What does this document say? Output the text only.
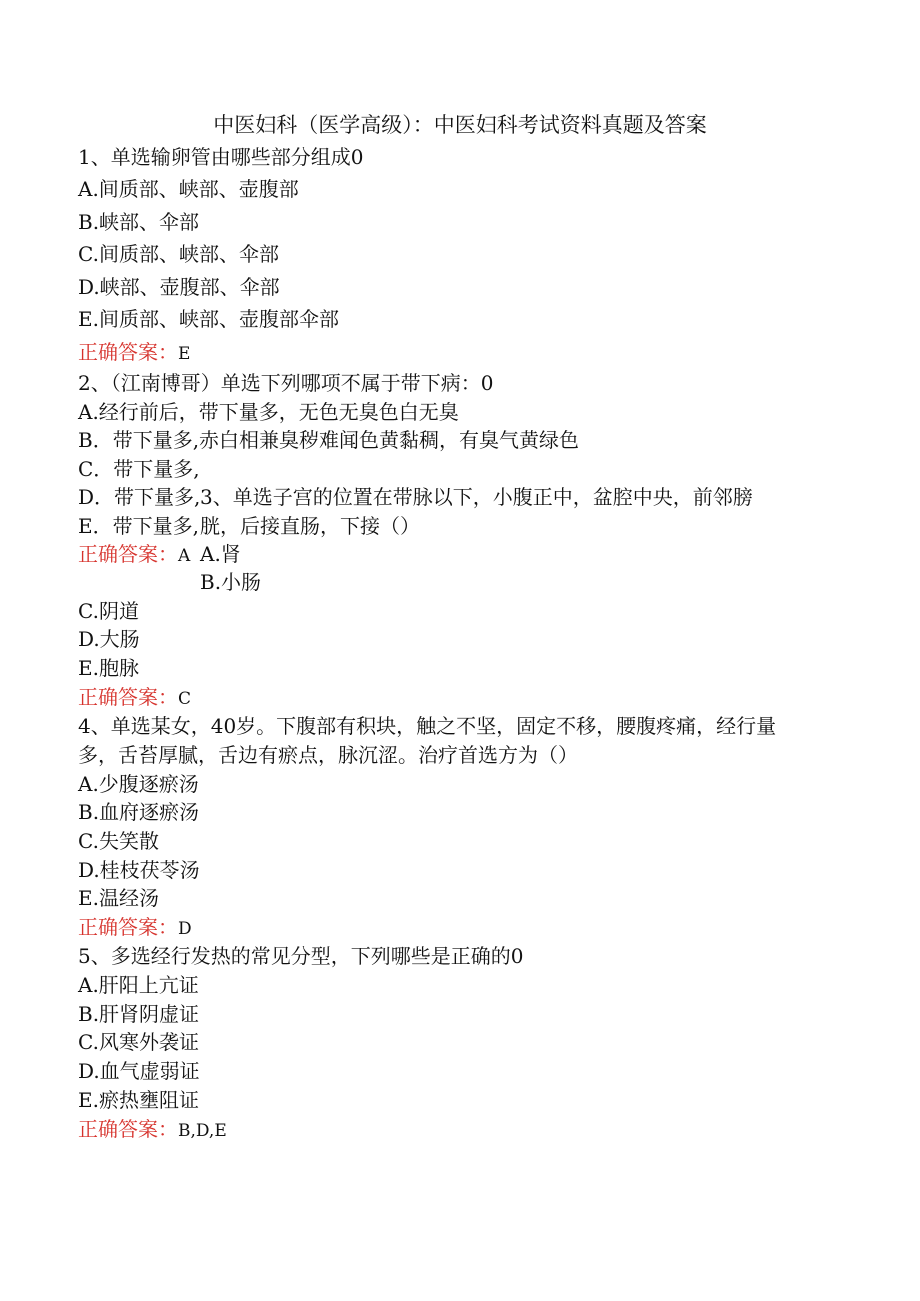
中医妇科（医学高级）：中医妇科考试资料真题及答案
1、单选输卵管由哪些部分组成0
A.间质部、峡部、壶腹部
B.峡部、伞部
C.间质部、峡部、伞部
D.峡部、壶腹部、伞部
E.间质部、峡部、壶腹部伞部
正确答案：E
2、（江南博哥）单选下列哪项不属于带下病：0
A.经行前后，带下量多，无色无臭色白无臭
B．带下量多,赤白相兼臭秽难闻色黄黏稠，有臭气黄绿色
C．带下量多,
D．带下量多,
E．带下量多,
正确答案：A
3、单选子宫的位置在带脉以下，小腹正中，盆腔中央，前邻膀
胱，后接直肠，下接（）
A.肾
B.小肠
C.阴道
D.大肠
E.胞脉
正确答案：C
4、单选某女，40岁。下腹部有积块，触之不坚，固定不移，腰腹疼痛，经行量
多，舌苔厚腻，舌边有瘀点，脉沉涩。治疗首选方为（）
A.少腹逐瘀汤
B.血府逐瘀汤
C.失笑散
D.桂枝茯苓汤
E.温经汤
正确答案：D
5、多选经行发热的常见分型，下列哪些是正确的0
A.肝阳上亢证
B.肝肾阴虚证
C.风寒外袭证
D.血气虚弱证
E.瘀热壅阻证
正确答案：B,D,E
